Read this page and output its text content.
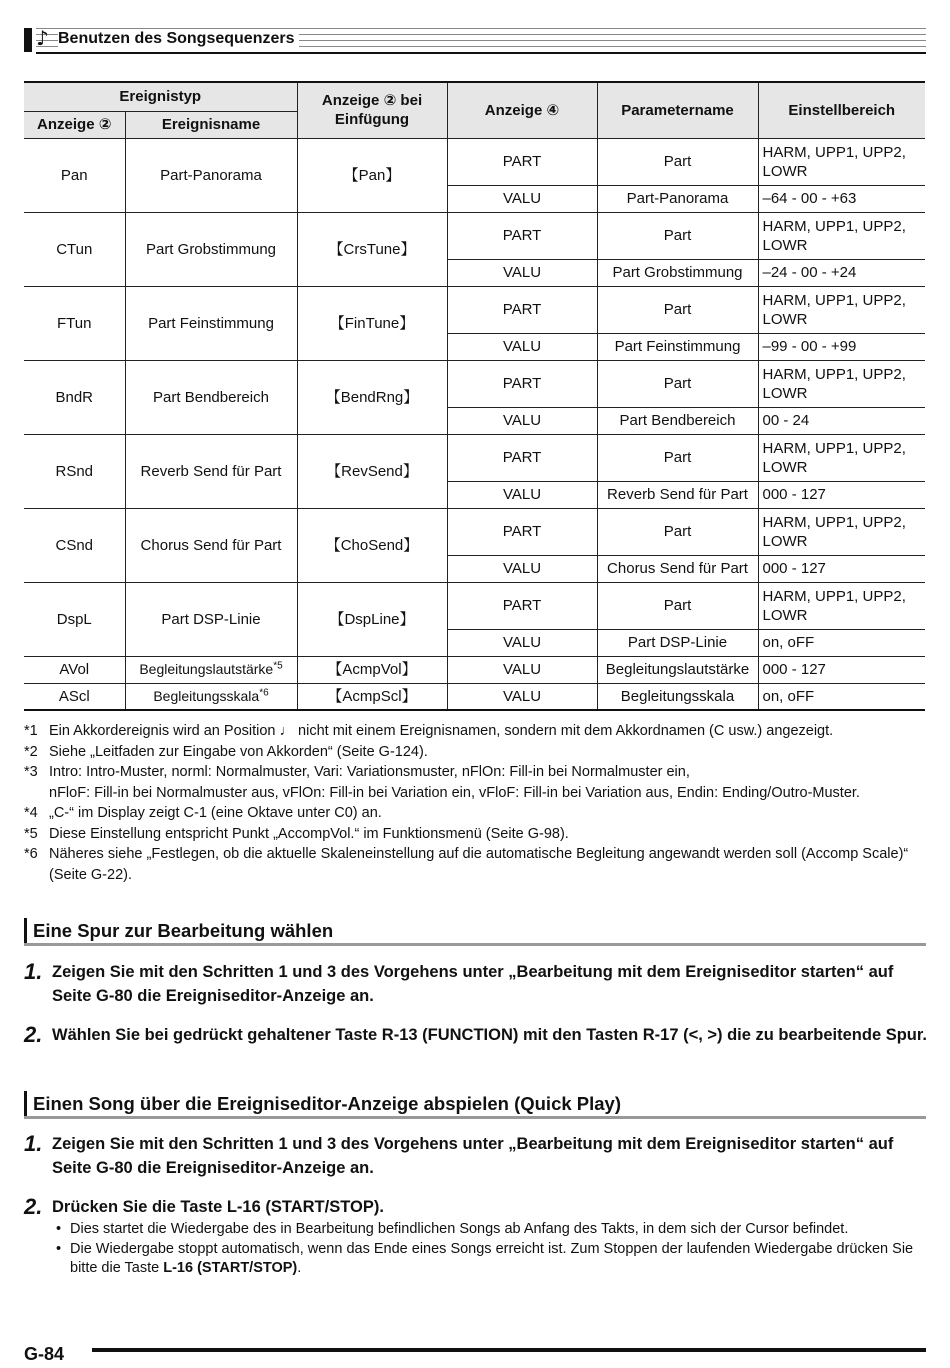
♪ Benutzen des Songsequenzers
Ereignistyp		Anzeige ② bei Einfügung	Anzeige ④	Parametername	Einstellbereich
Anzeige ②	Ereignisname				
Pan	Part-Panorama	【Pan】	PART	Part	HARM, UPP1, UPP2, LOWR
			VALU	Part-Panorama	–64 - 00 - +63
CTun	Part Grobstimmung	【CrsTune】	PART	Part	HARM, UPP1, UPP2, LOWR
			VALU	Part Grobstimmung	–24 - 00 - +24
FTun	Part Feinstimmung	【FinTune】	PART	Part	HARM, UPP1, UPP2, LOWR
			VALU	Part Feinstimmung	–99 - 00 - +99
BndR	Part Bendbereich	【BendRng】	PART	Part	HARM, UPP1, UPP2, LOWR
			VALU	Part Bendbereich	00 - 24
RSnd	Reverb Send für Part	【RevSend】	PART	Part	HARM, UPP1, UPP2, LOWR
			VALU	Reverb Send für Part	000 - 127
CSnd	Chorus Send für Part	【ChoSend】	PART	Part	HARM, UPP1, UPP2, LOWR
			VALU	Chorus Send für Part	000 - 127
DspL	Part DSP-Linie	【DspLine】	PART	Part	HARM, UPP1, UPP2, LOWR
			VALU	Part DSP-Linie	on, oFF
AVol	Begleitungslautstärke$^{*5}$	【AcmpVol】	VALU	Begleitungslautstärke	000 - 127
AScl	Begleitungsskala$^{*6}$	【AcmpScl】	VALU	Begleitungsskala	on, oFF
*1 Ein Akkordereignis wird an Position ♩ nicht mit einem Ereignisnamen, sondern mit dem Akkordnamen (C usw.) angezeigt.
*2 Siehe „Leitfaden zur Eingabe von Akkorden“ (Seite G-124).
*3 Intro: Intro-Muster, norml: Normalmuster, Vari: Variationsmuster, nFlOn: Fill-in bei Normalmuster ein,
nFloF: Fill-in bei Normalmuster aus, vFlOn: Fill-in bei Variation ein, vFloF: Fill-in bei Variation aus, Endin: Ending/Outro-Muster.
*4 „C-“ im Display zeigt C-1 (eine Oktave unter C0) an.
*5 Diese Einstellung entspricht Punkt „AccompVol.“ im Funktionsmenü (Seite G-98).
*6 Näheres siehe „Festlegen, ob die aktuelle Skaleneinstellung auf die automatische Begleitung angewandt werden soll (Accomp Scale)“ (Seite G-22).
Eine Spur zur Bearbeitung wählen
1. Zeigen Sie mit den Schritten 1 und 3 des Vorgehens unter „Bearbeitung mit dem Ereigniseditor starten“ auf Seite G-80 die Ereigniseditor-Anzeige an.
2. Wählen Sie bei gedrückt gehaltener Taste R-13 (FUNCTION) mit den Tasten R-17 (<, >) die zu bearbeitende Spur.
Einen Song über die Ereigniseditor-Anzeige abspielen (Quick Play)
1. Zeigen Sie mit den Schritten 1 und 3 des Vorgehens unter „Bearbeitung mit dem Ereigniseditor starten“ auf Seite G-80 die Ereigniseditor-Anzeige an.
2. Drücken Sie die Taste L-16 (START/STOP).
• Dies startet die Wiedergabe des in Bearbeitung befindlichen Songs ab Anfang des Takts, in dem sich der Cursor befindet.
• Die Wiedergabe stoppt automatisch, wenn das Ende eines Songs erreicht ist. Zum Stoppen der laufenden Wiedergabe drücken Sie bitte die Taste L-16 (START/STOP).
G-84
